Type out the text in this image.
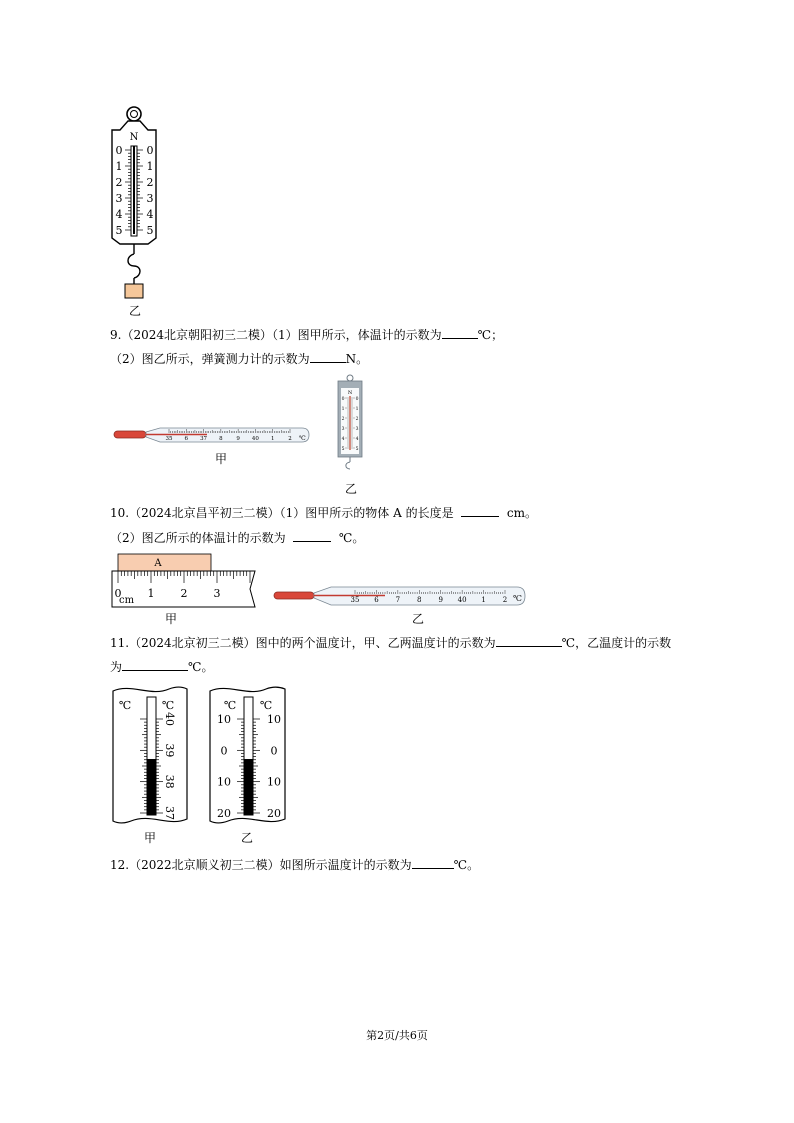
N
0 0
1 1
2 2
3 3
4 4
5 5
乙
9.（2024北京朝阳初三二模）（1）图甲所示，体温计的示数为	℃；
（2）图乙所示，弹簧测力计的示数为	N。
35 6 37 8	9 40 1	2 ℃
甲
N
0 0
1 1
2 2
3 3
4 4
5 5
乙
10.（2024北京昌平初三二模）（1）图甲所示的物体 A 的长度是	cm。
（2）图乙所示的体温计的示数为	℃。
A
0 1 2 3
cm
甲
35 6 7 8 9 40 1 2 ℃
乙
11.（2024北京初三二模）图中的两个温度计，甲、乙两温度计的示数为	℃，乙温度计的示数
为	℃。
℃	℃
40
39
38
37
甲
℃ ℃
10	10
0	0
10	10
20	20
乙
12.（2022北京顺义初三二模）如图所示温度计的示数为	℃。
第2页/共6页
